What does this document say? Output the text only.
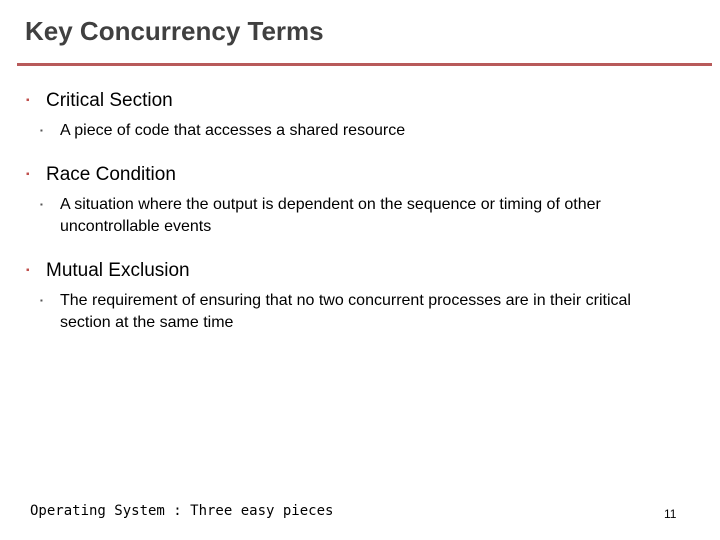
Key Concurrency Terms
▪ Critical Section
▪	A piece of code that accesses a shared resource
▪ Race Condition
▪	A situation where the output is dependent on the sequence or timing of other uncontrollable events
▪ Mutual Exclusion
▪	The requirement of ensuring that no two concurrent processes are in their critical section at the same time
Operating System : Three easy pieces	11
